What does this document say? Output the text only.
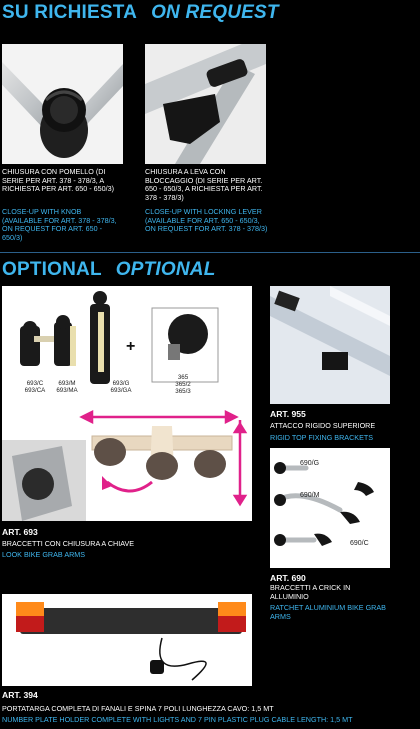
SU RICHIESTA ON REQUEST
CHIUSURA CON POMELLO (DI SERIE PER ART. 378 - 378/3, A RICHIESTA PER ART. 650 - 650/3)
CLOSE-UP WITH KNOB (AVAILABLE FOR ART. 378 - 378/3, ON REQUEST FOR ART. 650 - 650/3)
CHIUSURA A LEVA CON BLOCCAGGIO (DI SERIE PER ART. 650 - 650/3, A RICHIESTA PER ART. 378 - 378/3)
CLOSE-UP WITH LOCKING LEVER (AVAILABLE FOR ART. 650 - 650/3, ON REQUEST FOR ART. 378 - 378/3)
OPTIONAL OPTIONAL
693/C
693/CA
693/M
693/MA
693/G
693/GA
365
365/2
365/3
+
ART. 693
BRACCETTI CON CHIUSURA A CHIAVE
LOOK BIKE GRAB ARMS
ART. 955
ATTACCO RIGIDO SUPERIORE
RIGID TOP FIXING BRACKETS
690/G
690/M
690/C
ART. 690
BRACCETTI A CRICK IN ALLUMINIO
RATCHET ALUMINIUM BIKE GRAB ARMS
ART. 394
PORTATARGA COMPLETA DI FANALI E SPINA 7 POLI LUNGHEZZA CAVO: 1,5 MT
NUMBER PLATE HOLDER COMPLETE WITH LIGHTS AND 7 PIN PLASTIC PLUG CABLE LENGTH: 1,5 MT
